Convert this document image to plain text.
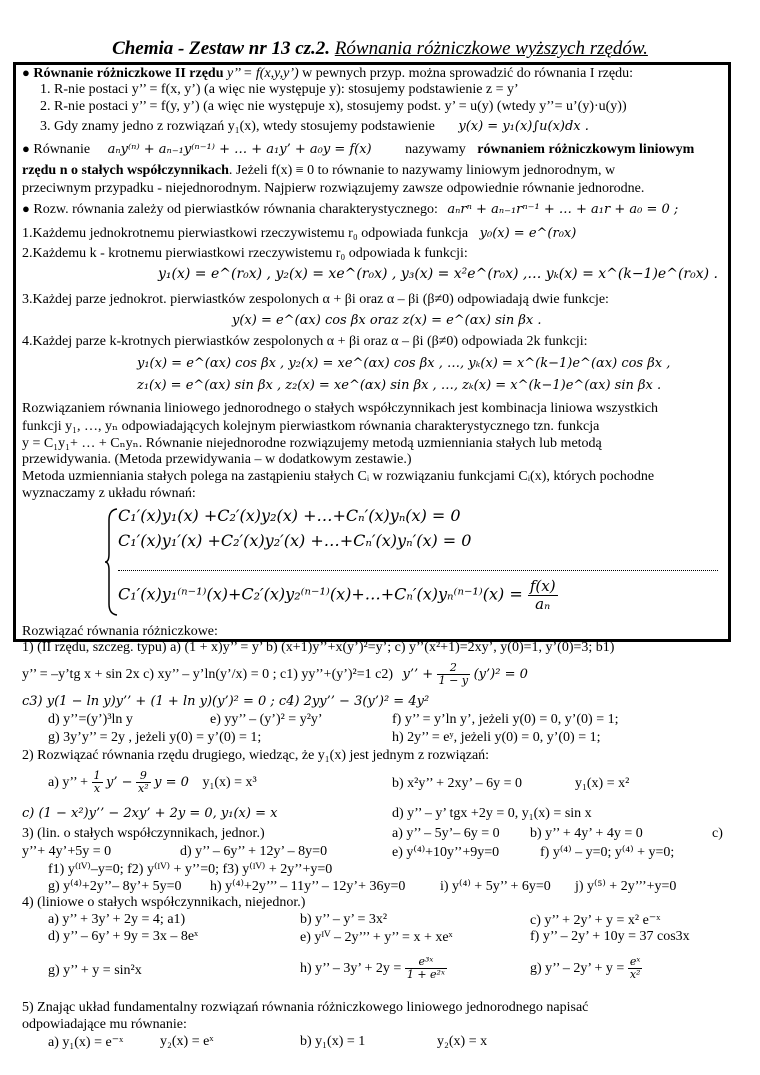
Chemia - Zestaw nr 13 cz.2. Równania różniczkowe wyższych rzędów.
● Równanie różniczkowe II rzędu y’’ = f(x,y,y’) w pewnych przyp. można sprowadzić do równania I rzędu:
1. R-nie postaci y’’ = f(x, y’) (a więc nie występuje y): stosujemy podstawienie z = y’
2. R-nie postaci y’’ = f(y, y’) (a więc nie występuje x), stosujemy podst. y’ = u(y) (wtedy y’’= u’(y)·u(y))
3. Gdy znamy jedno z rozwiązań y₁(x), wtedy stosujemy podstawienie y(x) = y₁(x)∫u(x)dx .
● Równanie aₙy⁽ⁿ⁾ + aₙ₋₁y⁽ⁿ⁻¹⁾ + … + a₁y’ + a₀y = f(x) nazywamy równaniem różniczkowym liniowym
rzędu n o stałych współczynnikach. Jeżeli f(x) ≡ 0 to równanie to nazywamy liniowym jednorodnym, w
przeciwnym przypadku - niejednorodnym. Najpierw rozwiązujemy zawsze odpowiednie równanie jednorodne.
● Rozw. równania zależy od pierwiastków równania charakterystycznego: aₙrⁿ + aₙ₋₁rⁿ⁻¹ + … + a₁r + a₀ = 0 ;
1.Każdemu jednokrotnemu pierwiastkowi rzeczywistemu r₀ odpowiada funkcja y₀(x) = e^(r₀x)
2.Każdemu k - krotnemu pierwiastkowi rzeczywistemu r₀ odpowiada k funkcji:
y₁(x) = e^(r₀x) , y₂(x) = xe^(r₀x) , y₃(x) = x²e^(r₀x) ,… yₖ(x) = x^(k−1)e^(r₀x) .
3.Każdej parze jednokrot. pierwiastków zespolonych α + βi oraz α – βi (β≠0) odpowiadają dwie funkcje:
y(x) = e^(αx) cos βx oraz z(x) = e^(αx) sin βx .
4.Każdej parze k-krotnych pierwiastków zespolonych α + βi oraz α – βi (β≠0) odpowiada 2k funkcji:
y₁(x) = e^(αx) cos βx , y₂(x) = xe^(αx) cos βx , …, yₖ(x) = x^(k−1)e^(αx) cos βx ,
z₁(x) = e^(αx) sin βx , z₂(x) = xe^(αx) sin βx , …, zₖ(x) = x^(k−1)e^(αx) sin βx .
Rozwiązaniem równania liniowego jednorodnego o stałych współczynnikach jest kombinacja liniowa wszystkich
funkcji y₁, …, yₙ odpowiadających kolejnym pierwiastkom równania charakterystycznego tzn. funkcja
y = C₁y₁+ … + Cₙyₙ. Równanie niejednorodne rozwiązujemy metodą uzmienniania stałych lub metodą
przewidywania. (Metoda przewidywania – w dodatkowym zestawie.)
Metoda uzmienniania stałych polega na zastąpieniu stałych Cᵢ w rozwiązaniu funkcjami Cᵢ(x), których pochodne
wyznaczamy z układu równań:
C₁′(x)y₁(x) +C₂′(x)y₂(x) +…+Cₙ′(x)yₙ(x) = 0
C₁′(x)y₁′(x) +C₂′(x)y₂′(x) +…+Cₙ′(x)yₙ′(x) = 0
C₁′(x)y₁⁽ⁿ⁻¹⁾(x)+C₂′(x)y₂⁽ⁿ⁻¹⁾(x)+…+Cₙ′(x)yₙ⁽ⁿ⁻¹⁾(x) = $\frac{f(x)}{\text{aₙ}}$
Rozwiązać równania różniczkowe:
1) (II rzędu, szczeg. typu) a) (1 + x)y’’ = y’ b) (x+1)y’’+x(y’)²=y’; c) y’’(x²+1)=2xy’, y(0)=1, y’(0)=3; b1)
y’’ = –y’tg x + sin 2x c) xy’’ – y’ln(y’/x) = 0 ; c1) yy’’+(y’)²=1 c2) y’’ + $\frac{2}{1 - y}$ (y’)² = 0
c3) y(1 − ln y)y’’ + (1 + ln y)(y’)² = 0 ; c4) 2yy’’ − 3(y’)² = 4y²
d) y’’=(y’)³ln y	e) yy’’ – (y’)² = y²y’	f) y’’ = y’ln y’, jeżeli y(0) = 0, y’(0) = 1;
g) 3y’y’’ = 2y , jeżeli y(0) = y’(0) = 1;	h) 2y’’ = eʸ, jeżeli y(0) = 0, y’(0) = 1;
2) Rozwiązać równania rzędu drugiego, wiedząc, że y₁(x) jest jednym z rozwiązań:
a) y’’ + $\frac{1}{x} y$’ − $\frac{9}{\text{x²}}$ y = 0 y₁(x) = x³	b) x²y’’ + 2xy’ – 6y = 0	y₁(x) = x²
c) (1 − x²)y’’ − 2xy’ + 2y = 0, y₁(x) = x	d) y’’ – y’ tgx +2y = 0, y₁(x) = sin x
3) (lin. o stałych współczynnikach, jednor.)	a) y’’ – 5y’– 6y = 0 b) y’’ + 4y’ + 4y = 0	c)
y’’+ 4y’+5y = 0	d) y’’ – 6y’’ + 12y’ – 8y=0	e) y⁽⁴⁾+10y’’+9y=0	f) y⁽⁴⁾ – y=0; y⁽⁴⁾ + y=0;
f1) y⁽ᴵⱽ⁾–y=0; f2) y⁽ᴵⱽ⁾ + y’’=0; f3) y⁽ᴵⱽ⁾ + 2y’’+y=0
g) y⁽⁴⁾+2y’’– 8y’+ 5y=0 h) y⁽⁴⁾+2y’’’ – 11y’’ – 12y’+ 36y=0 i) y⁽⁴⁾ + 5y’’ + 6y=0 j) y⁽⁵⁾ + 2y’’’+y=0
4) (liniowe o stałych współczynnikach, niejednor.)
a) y’’ + 3y’ + 2y = 4; a1)	b) y’’ – y’ = 3x²	c) y’’ + 2y’ + y = x² e⁻ˣ
d) y’’ – 6y’ + 9y = 3x – 8eˣ	e) yᴵⱽ – 2y’’’ + y’’ = x + xeˣ	f) y’’ – 2y’ + 10y = 37 cos3x
g) y’’ + y = sin²x	h) y’’ – 3y’ + $2y = \frac{\text{e³ˣ}}{\text{1 + e²ˣ}}$	g) y’’ – 2y’ + $y = \frac{\text{eˣ}}{\text{x²}}$
5) Znając układ fundamentalny rozwiązań równania różniczkowego liniowego jednorodnego napisać
odpowiadające mu równanie:
a) y₁(x) = e⁻ˣ	y₂(x) = eˣ	b) y₁(x) = 1	y₂(x) = x
